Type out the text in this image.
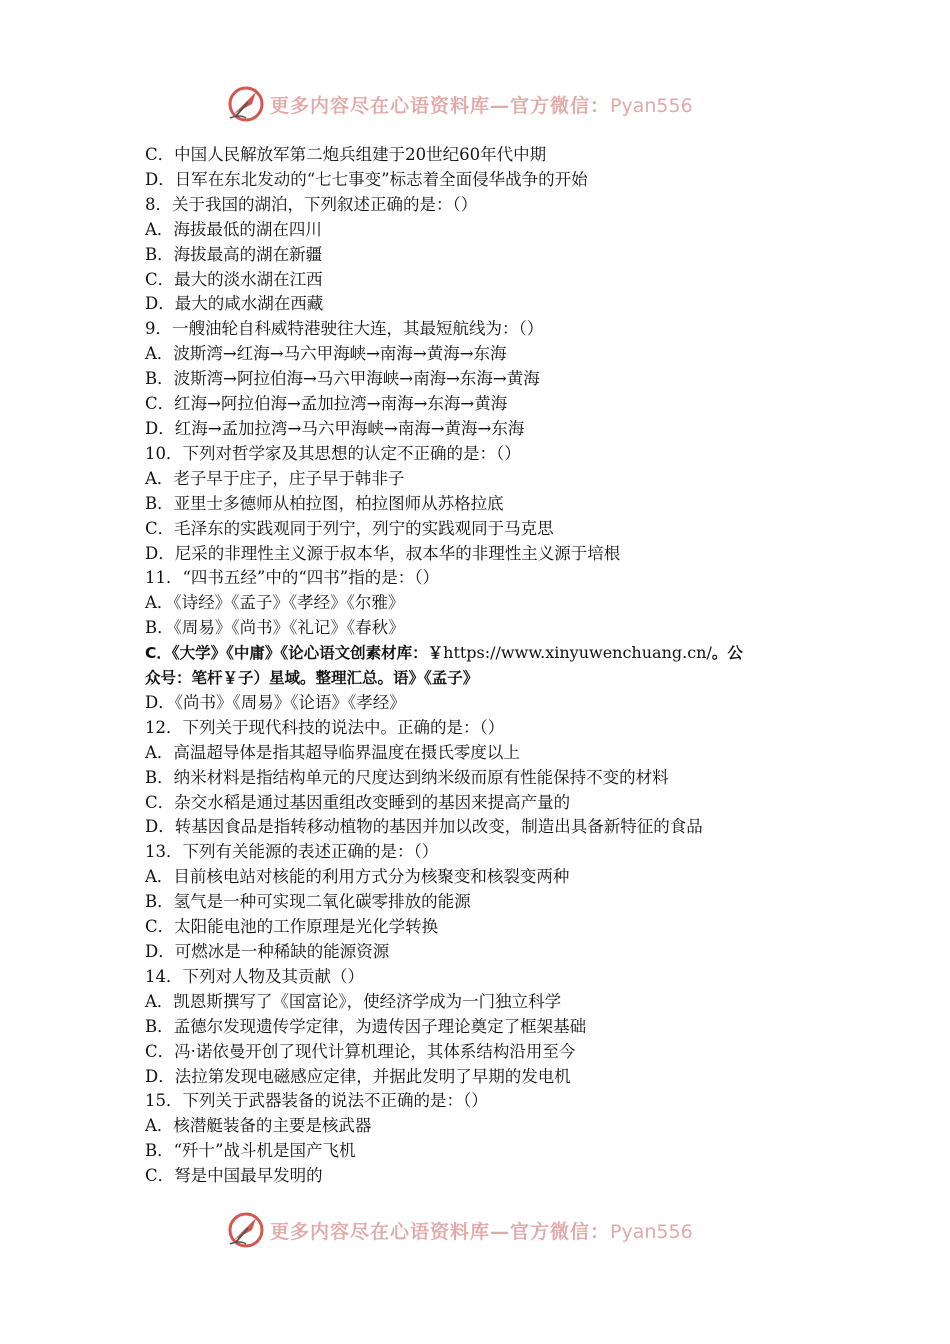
更多内容尽在心语资料库—官方微信：Pyan556
C．中国人民解放军第二炮兵组建于20世纪60年代中期
D．日军在东北发动的“七七事变”标志着全面侵华战争的开始
8．关于我国的湖泊，下列叙述正确的是：（）
A．海拔最低的湖在四川
B．海拔最高的湖在新疆
C．最大的淡水湖在江西
D．最大的咸水湖在西藏
9．一艘油轮自科威特港驶往大连，其最短航线为：（）
A．波斯湾→红海→马六甲海峡→南海→黄海→东海
B．波斯湾→阿拉伯海→马六甲海峡→南海→东海→黄海
C．红海→阿拉伯海→孟加拉湾→南海→东海→黄海
D．红海→孟加拉湾→马六甲海峡→南海→黄海→东海
10．下列对哲学家及其思想的认定不正确的是：（）
A．老子早于庄子，庄子早于韩非子
B．亚里士多德师从柏拉图，柏拉图师从苏格拉底
C．毛泽东的实践观同于列宁，列宁的实践观同于马克思
D．尼采的非理性主义源于叔本华，叔本华的非理性主义源于培根
11．“四书五经”中的“四书”指的是：（）
A．《诗经》《孟子》《孝经》《尔雅》
B．《周易》《尚书》《礼记》《春秋》
C．《大学》《中庸》《论心语文创素材库：￥https://www.xinyuwenchuang.cn/。公
众号：笔杆￥子）星域。整理汇总。语》《孟子》
D．《尚书》《周易》《论语》《孝经》
12．下列关于现代科技的说法中。正确的是：（）
A．高温超导体是指其超导临界温度在摄氏零度以上
B．纳米材料是指结构单元的尺度达到纳米级而原有性能保持不变的材料
C．杂交水稻是通过基因重组改变睡到的基因来提高产量的
D．转基因食品是指转移动植物的基因并加以改变，制造出具备新特征的食品
13．下列有关能源的表述正确的是：（）
A．目前核电站对核能的利用方式分为核聚变和核裂变两种
B．氢气是一种可实现二氧化碳零排放的能源
C．太阳能电池的工作原理是光化学转换
D．可燃冰是一种稀缺的能源资源
14．下列对人物及其贡献（）
A．凯恩斯撰写了《国富论》，使经济学成为一门独立科学
B．孟德尔发现遗传学定律，为遗传因子理论奠定了框架基础
C．冯·诺依曼开创了现代计算机理论，其体系结构沿用至今
D．法拉第发现电磁感应定律，并据此发明了早期的发电机
15．下列关于武器装备的说法不正确的是：（）
A．核潜艇装备的主要是核武器
B．“歼十”战斗机是国产飞机
C．弩是中国最早发明的
更多内容尽在心语资料库—官方微信：Pyan556
